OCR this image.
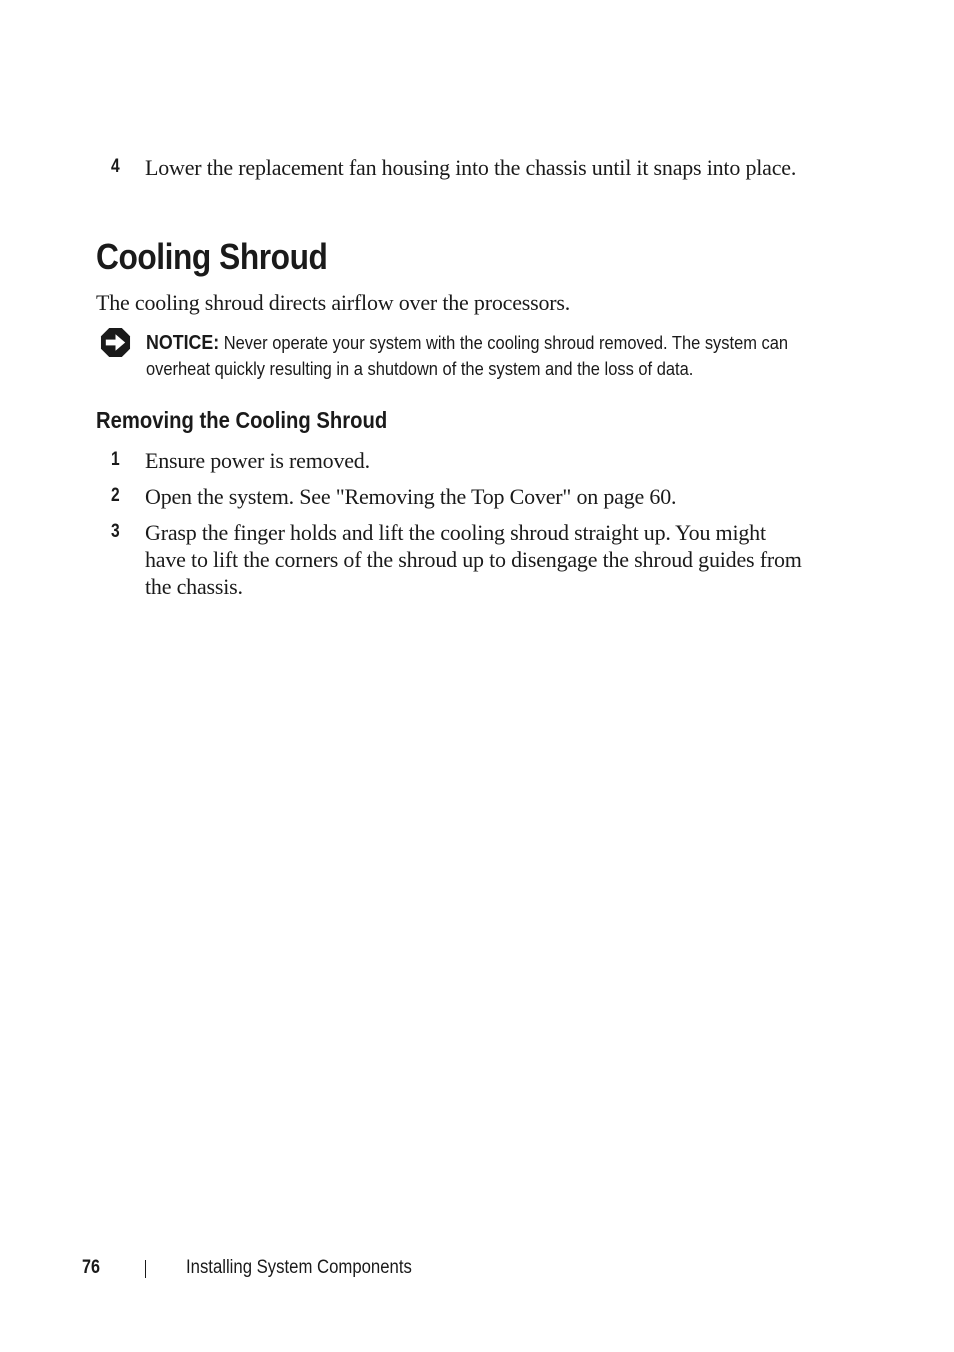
4 Lower the replacement fan housing into the chassis until it snaps into place.
Cooling Shroud
The cooling shroud directs airflow over the processors.
NOTICE: Never operate your system with the cooling shroud removed. The system can overheat quickly resulting in a shutdown of the system and the loss of data.
Removing the Cooling Shroud
1 Ensure power is removed.
2 Open the system. See "Removing the Top Cover" on page 60.
3 Grasp the finger holds and lift the cooling shroud straight up. You might have to lift the corners of the shroud up to disengage the shroud guides from the chassis.
76	Installing System Components
